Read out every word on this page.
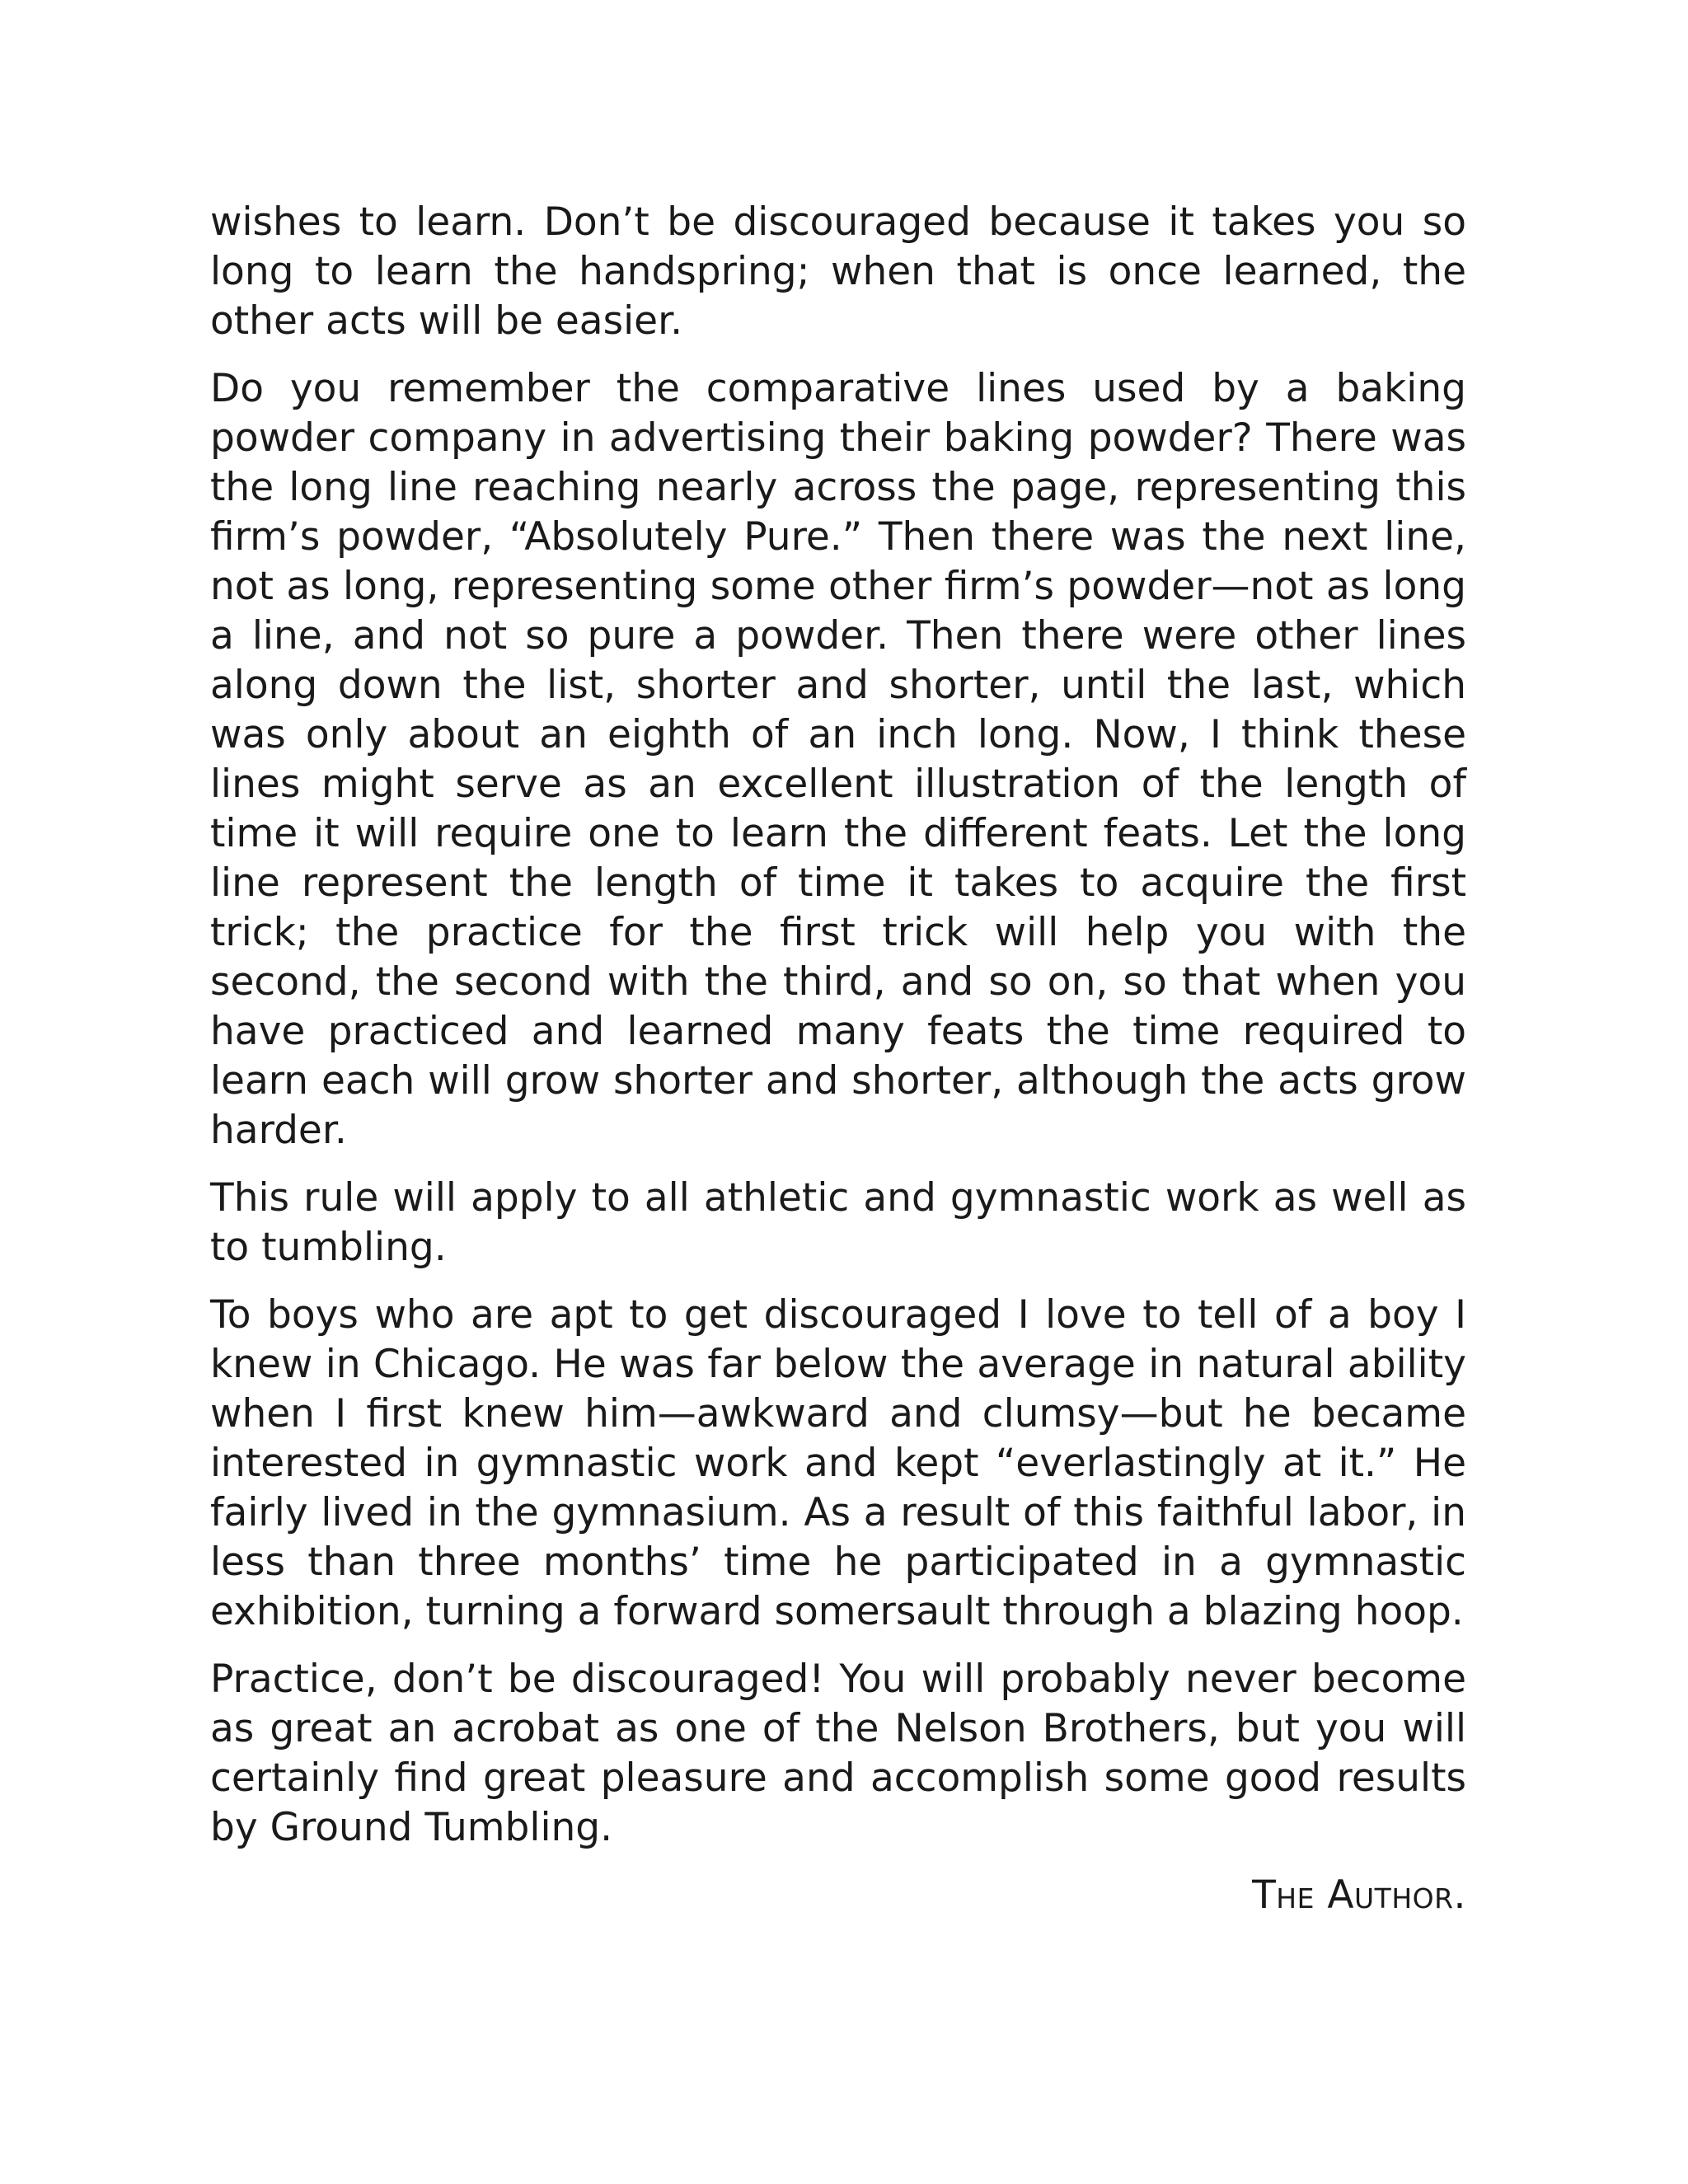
wishes to learn. Don’t be discouraged because it takes you so long to learn the handspring; when that is once learned, the other acts will be easier.

Do you remember the comparative lines used by a baking powder company in advertising their baking powder? There was the long line reaching nearly across the page, representing this firm’s powder, “Absolutely Pure.” Then there was the next line, not as long, representing some other firm’s powder—not as long a line, and not so pure a powder. Then there were other lines along down the list, shorter and shorter, until the last, which was only about an eighth of an inch long. Now, I think these lines might serve as an excellent illustration of the length of time it will require one to learn the different feats. Let the long line represent the length of time it takes to acquire the first trick; the practice for the first trick will help you with the second, the second with the third, and so on, so that when you have practiced and learned many feats the time required to learn each will grow shorter and shorter, although the acts grow harder.

This rule will apply to all athletic and gymnastic work as well as to tumbling.

To boys who are apt to get discouraged I love to tell of a boy I knew in Chicago. He was far below the average in natural ability when I first knew him—awkward and clumsy—but he became interested in gymnastic work and kept “everlastingly at it.” He fairly lived in the gymnasium. As a result of this faithful labor, in less than three months’ time he participated in a gymnastic exhibition, turning a forward somersault through a blazing hoop.

Practice, don’t be discouraged! You will probably never become as great an acrobat as one of the Nelson Brothers, but you will certainly find great pleasure and accomplish some good results by Ground Tumbling.

The Author.
